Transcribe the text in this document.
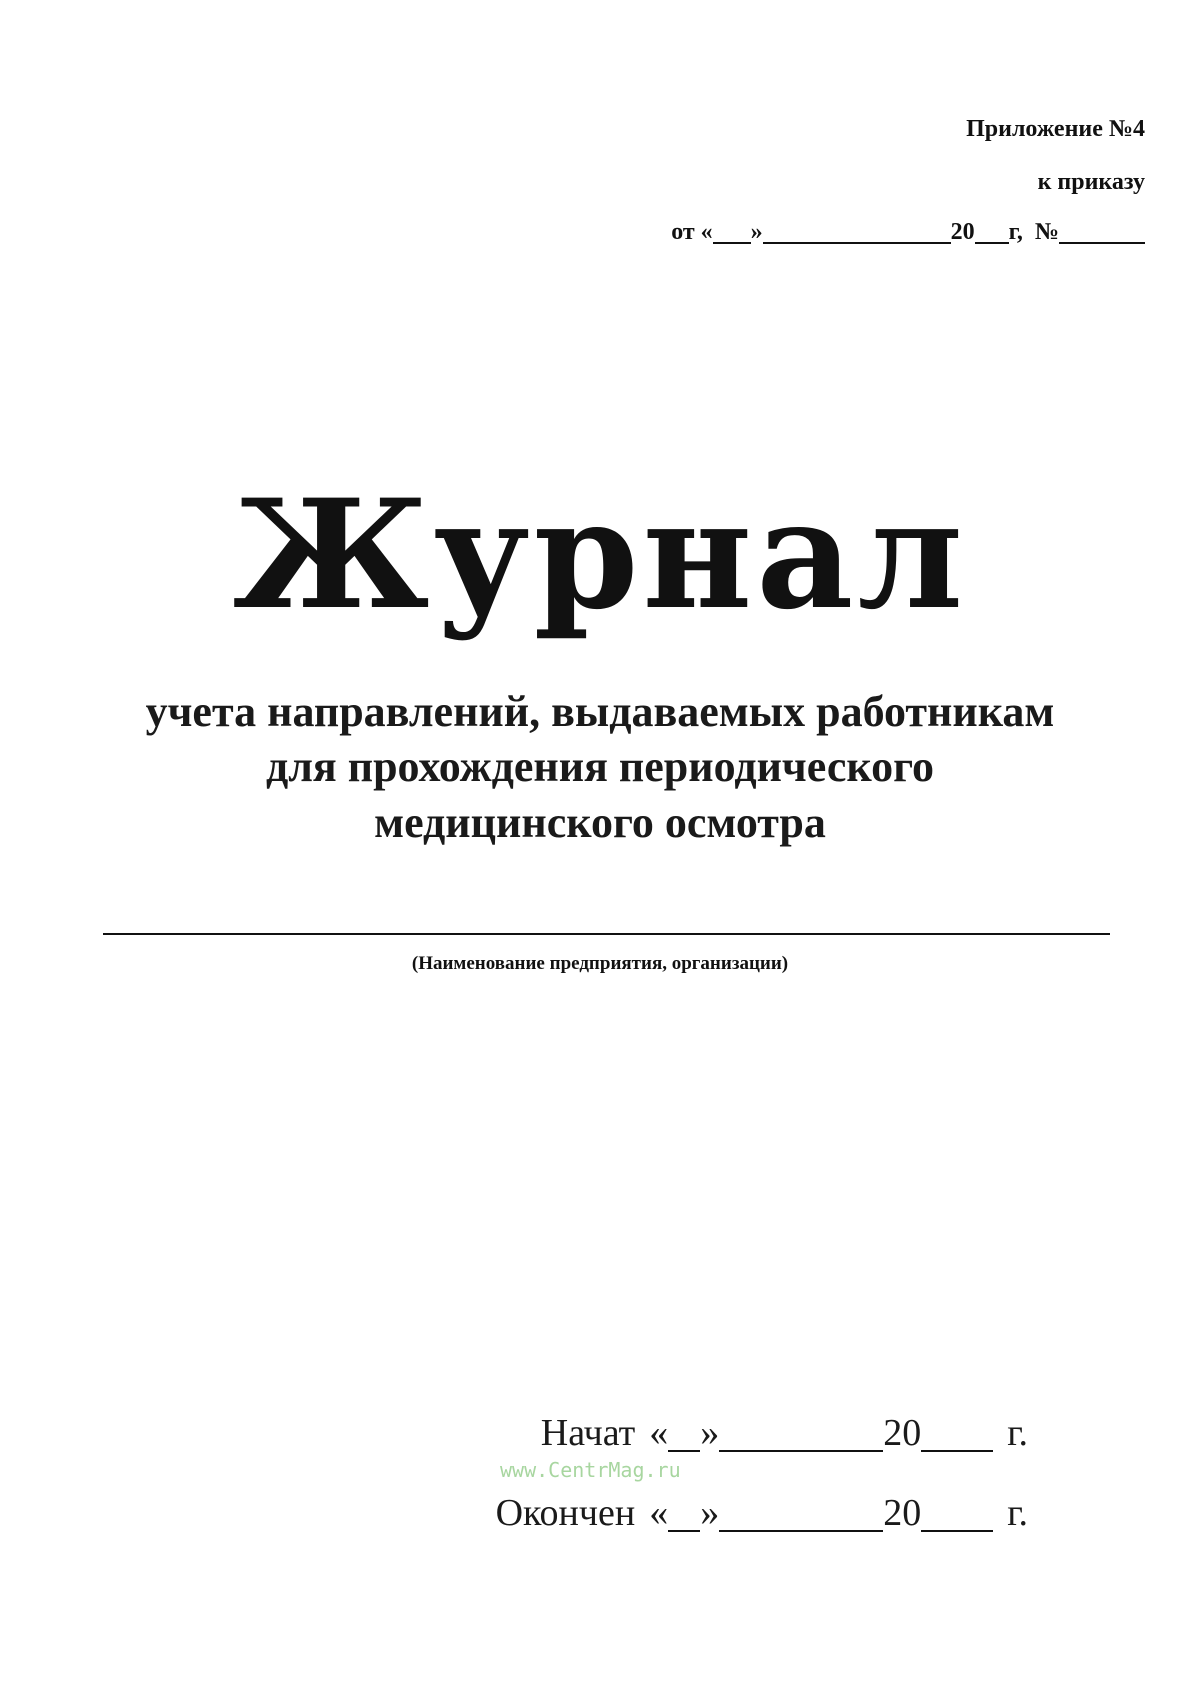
Приложение №4
к приказу
от « »	20 г, №
Журнал
учета направлений, выдаваемых работникам
для прохождения периодического
медицинского осмотра
(Наименование предприятия, организации)
Начат « »	20 г.
www.CentrMag.ru
Окончен « »	20 г.
